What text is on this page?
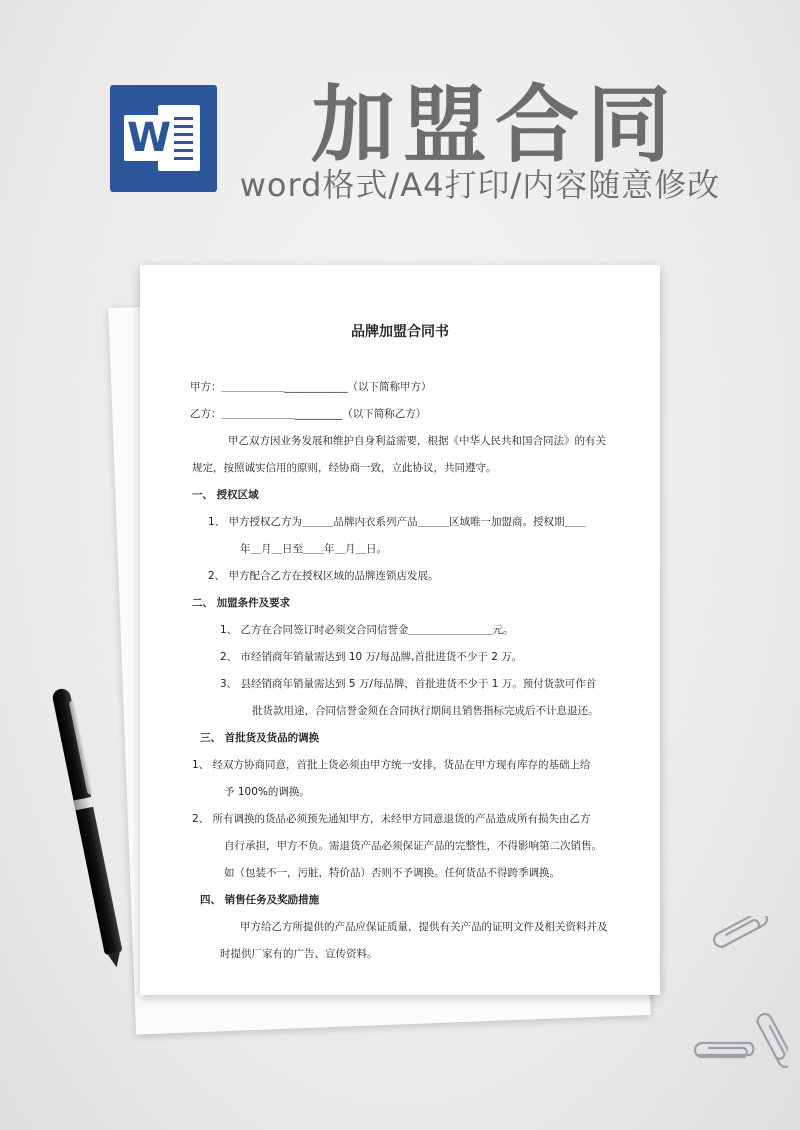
W 加盟合同
word格式/A4打印/内容随意修改
品牌加盟合同书
甲方：＿＿＿＿＿＿____________（以下简称甲方）
乙方：＿＿＿＿＿＿＿_________（以下简称乙方）
甲乙双方因业务发展和维护自身利益需要，根据《中华人民共和国合同法》的有关
规定，按照诚实信用的原则，经协商一致，立此协议，共同遵守。
一、 授权区域
1、 甲方授权乙方为＿＿＿品牌内衣系列产品＿＿＿区域唯一加盟商。授权期＿＿
年＿月＿日至＿＿年＿月＿日。
2、 甲方配合乙方在授权区域的品牌连锁店发展。
二、 加盟条件及要求
1、 乙方在合同签订时必须交合同信誉金＿＿＿＿＿＿＿＿元。
2、 市经销商年销量需达到 10 万/每品牌,首批进货不少于 2 万。
3、 县经销商年销量需达到 5 万/每品牌，首批进货不少于 1 万。预付货款可作首
批货款用途，合同信誉金须在合同执行期间且销售指标完成后不计息退还。
三、 首批货及货品的调换
1、 经双方协商同意，首批上货必须由甲方统一安排，货品在甲方现有库存的基础上给
予 100%的调换。
2、 所有调换的货品必须预先通知甲方，未经甲方同意退货的产品造成所有损失由乙方
自行承担，甲方不负。需退货产品必须保证产品的完整性，不得影响第二次销售。
如（包装不一，污脏，特价品）否则不予调换。任何货品不得跨季调换。
四、 销售任务及奖励措施
甲方给乙方所提供的产品应保证质量，提供有关产品的证明文件及相关资料并及
时提供厂家有的广告、宣传资料。
